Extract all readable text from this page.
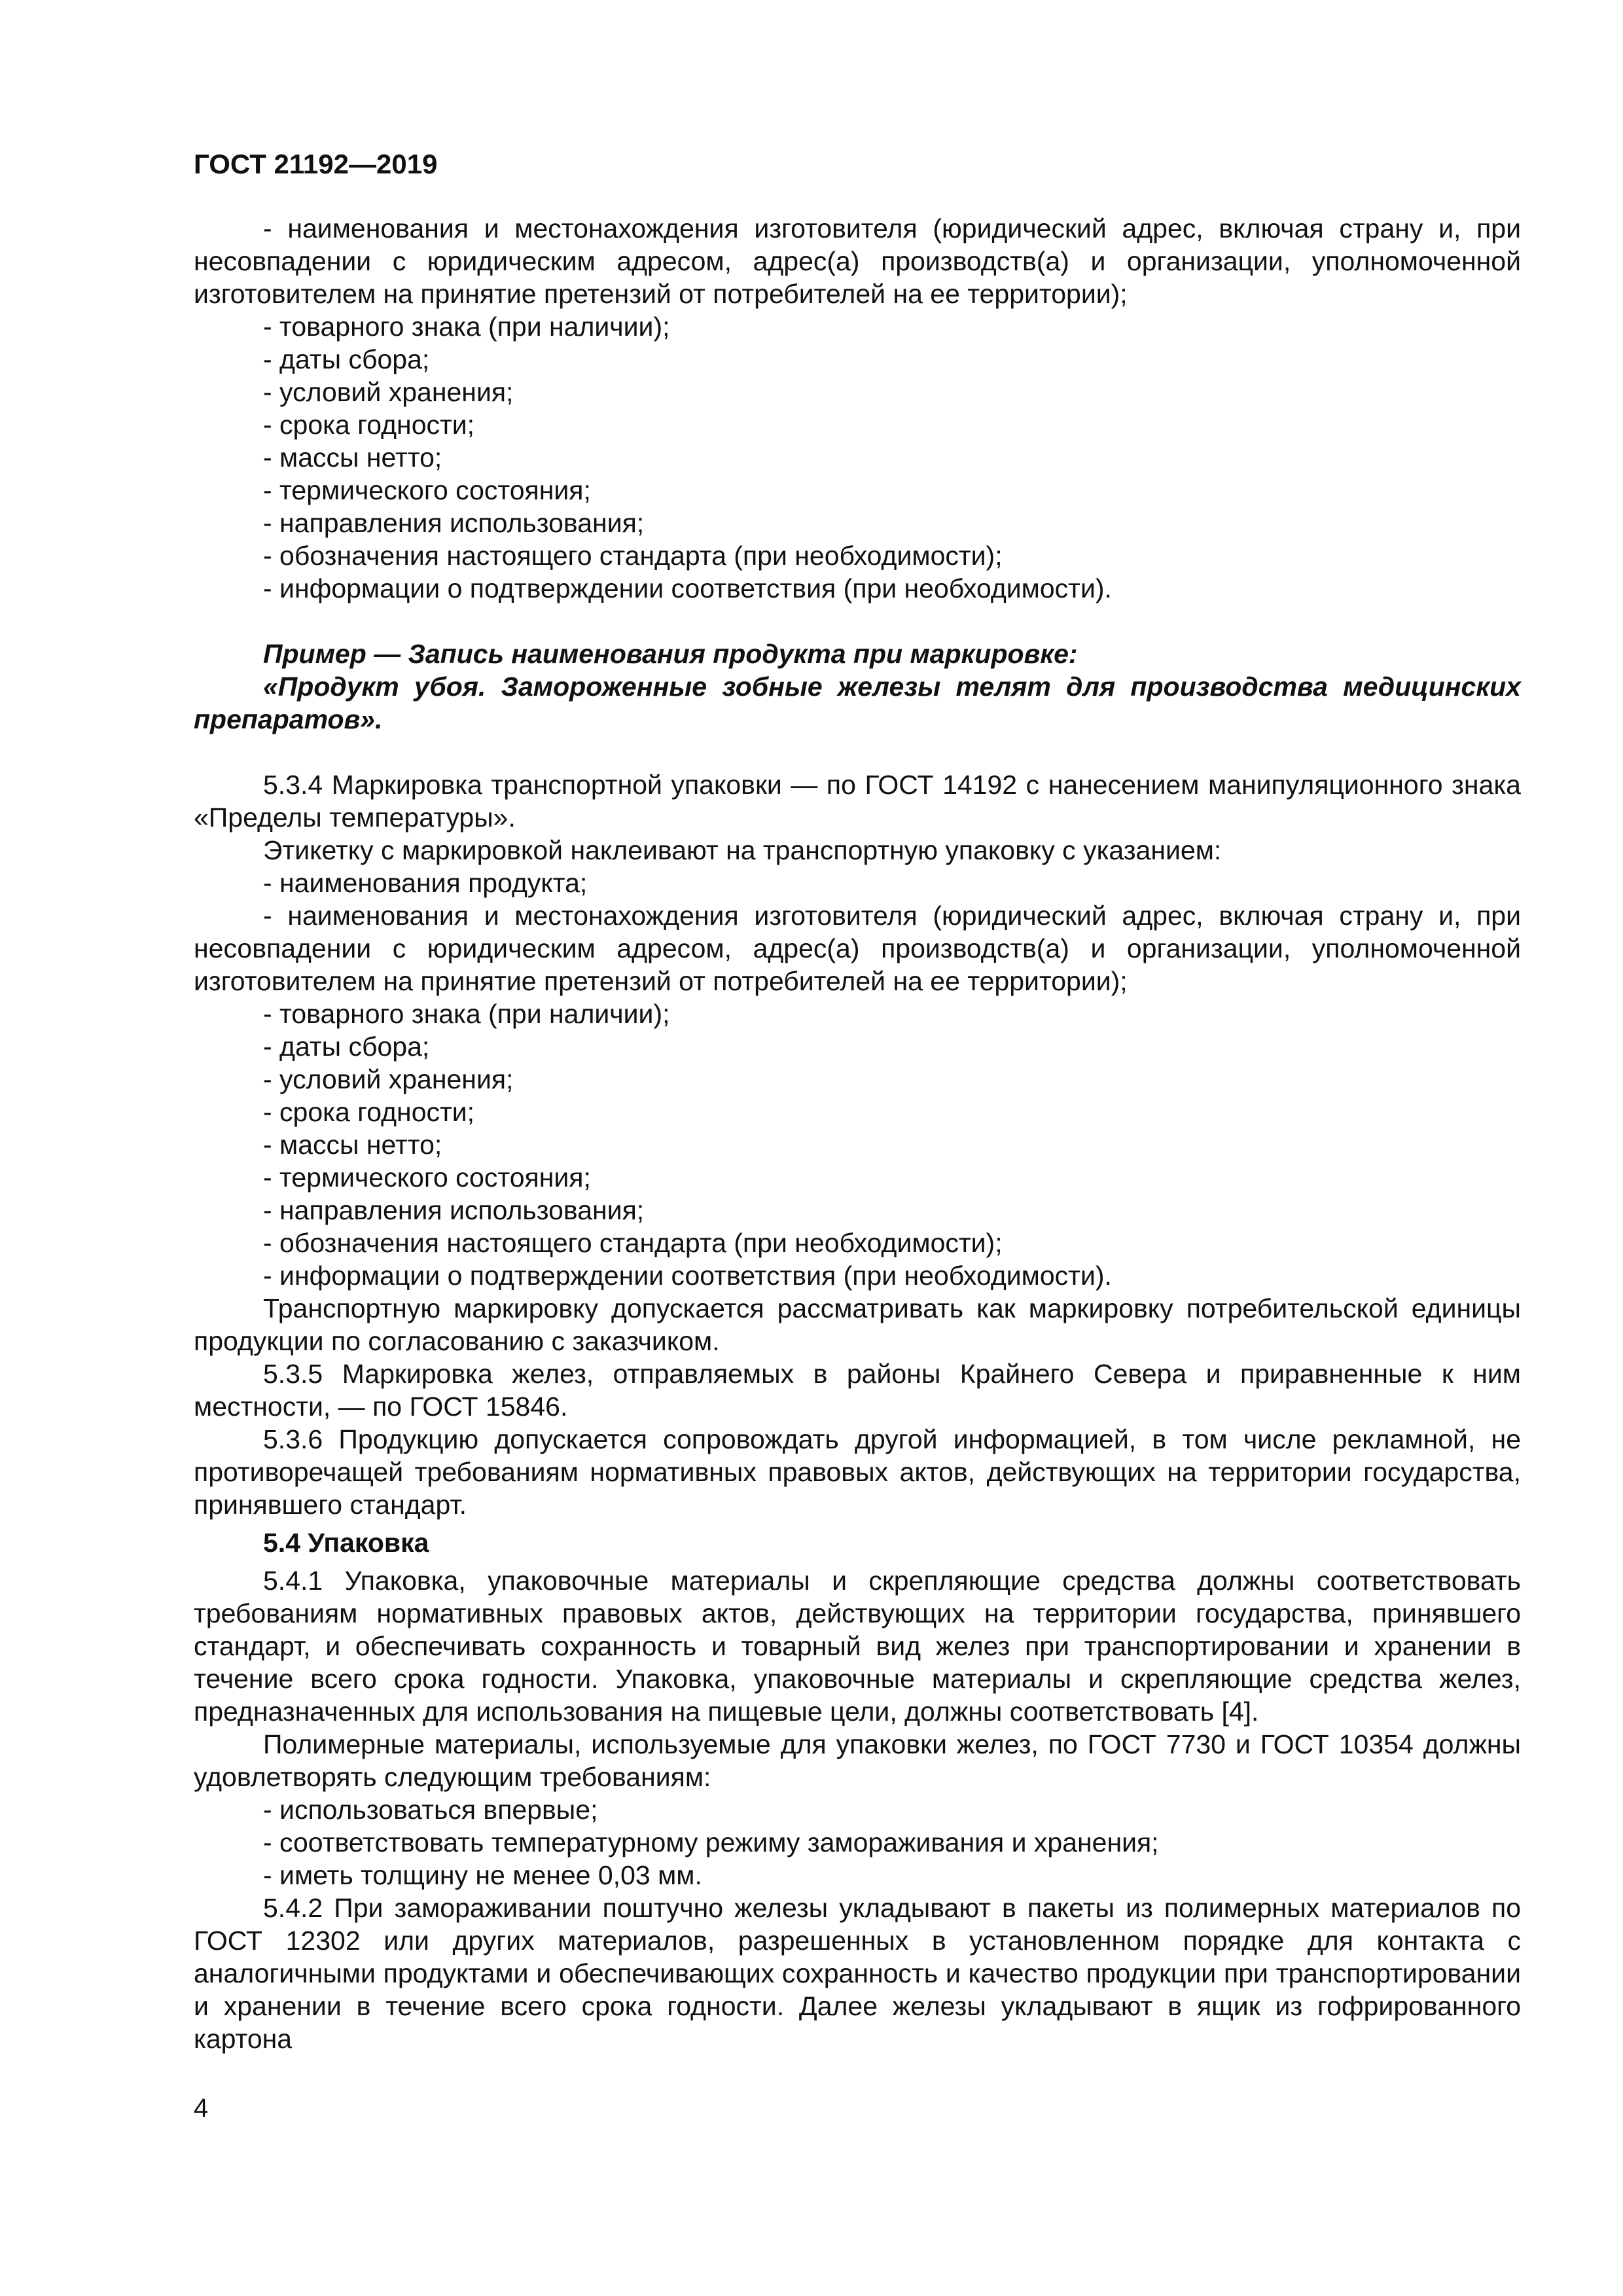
ГОСТ 21192—2019

- наименования и местонахождения изготовителя (юридический адрес, включая страну и, при несовпадении с юридическим адресом, адрес(а) производств(а) и организации, уполномоченной изготовителем на принятие претензий от потребителей на ее территории);

- товарного знака (при наличии);

- даты сбора;

- условий хранения;

- срока годности;

- массы нетто;

- термического состояния;

- направления использования;

- обозначения настоящего стандарта (при необходимости);

- информации о подтверждении соответствия (при необходимости).

Пример — Запись наименования продукта при маркировке:

«Продукт убоя. Замороженные зобные железы телят для производства медицинских препаратов».

5.3.4 Маркировка транспортной упаковки — по ГОСТ 14192 с нанесением манипуляционного знака «Пределы температуры».

Этикетку с маркировкой наклеивают на транспортную упаковку с указанием:

- наименования продукта;

- наименования и местонахождения изготовителя (юридический адрес, включая страну и, при несовпадении с юридическим адресом, адрес(а) производств(а) и организации, уполномоченной изготовителем на принятие претензий от потребителей на ее территории);

- товарного знака (при наличии);

- даты сбора;

- условий хранения;

- срока годности;

- массы нетто;

- термического состояния;

- направления использования;

- обозначения настоящего стандарта (при необходимости);

- информации о подтверждении соответствия (при необходимости).

Транспортную маркировку допускается рассматривать как маркировку потребительской единицы продукции по согласованию с заказчиком.

5.3.5 Маркировка желез, отправляемых в районы Крайнего Севера и приравненные к ним местности, — по ГОСТ 15846.

5.3.6 Продукцию допускается сопровождать другой информацией, в том числе рекламной, не противоречащей требованиям нормативных правовых актов, действующих на территории государства, принявшего стандарт.

5.4 Упаковка

5.4.1 Упаковка, упаковочные материалы и скрепляющие средства должны соответствовать требованиям нормативных правовых актов, действующих на территории государства, принявшего стандарт, и обеспечивать сохранность и товарный вид желез при транспортировании и хранении в течение всего срока годности. Упаковка, упаковочные материалы и скрепляющие средства желез, предназначенных для использования на пищевые цели, должны соответствовать [4].

Полимерные материалы, используемые для упаковки желез, по ГОСТ 7730 и ГОСТ 10354 должны удовлетворять следующим требованиям:

- использоваться впервые;

- соответствовать температурному режиму замораживания и хранения;

- иметь толщину не менее 0,03 мм.

5.4.2 При замораживании поштучно железы укладывают в пакеты из полимерных материалов по ГОСТ 12302 или других материалов, разрешенных в установленном порядке для контакта с аналогичными продуктами и обеспечивающих сохранность и качество продукции при транспортировании и хранении в течение всего срока годности. Далее железы укладывают в ящик из гофрированного картона

4
